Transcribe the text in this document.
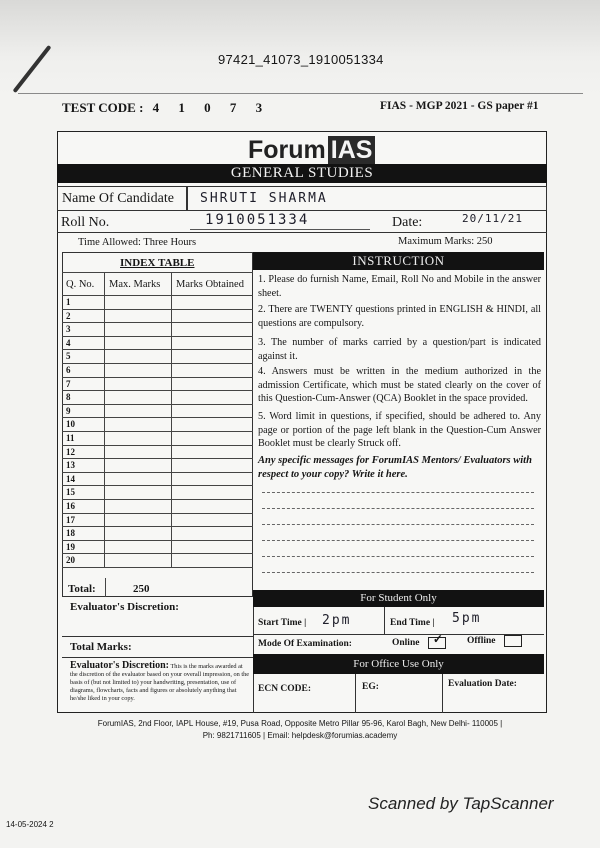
97421_41073_1910051334
TEST CODE : 4 1 0 7 3	FIAS - MGP 2021 - GS paper #1
Forum IAS
GENERAL STUDIES
Name Of Candidate	SHRUTI SHARMA
Roll No.	1910051334	Date:	20/11/21
Time Allowed: Three Hours	Maximum Marks: 250
INDEX TABLE
Q. No.	Max. Marks	Marks Obtained
1
2
3
4
5
6
7
8
9
10
11
12
13
14
15
16
17
18
19
20
Total:	250
INSTRUCTION
1. Please do furnish Name, Email, Roll No and Mobile in the answer sheet.
2. There are TWENTY questions printed in ENGLISH & HINDI, all questions are compulsory.
3. The number of marks carried by a question/part is indicated against it.
4. Answers must be written in the medium authorized in the admission Certificate, which must be stated clearly on the cover of this Question-Cum-Answer (QCA) Booklet in the space provided.
5. Word limit in questions, if specified, should be adhered to. Any page or portion of the page left blank in the Question-Cum Answer Booklet must be clearly Struck off.
Any specific messages for ForumIAS Mentors/ Evaluators with respect to your copy? Write it here.
Evaluator's Discretion:
Total Marks:
Evaluator's Discretion: This is the marks awarded at the discretion of the evaluator based on your overall impression, on the basis of (but not limited to) your handwriting, presentation, use of diagrams, flowcharts, facts and figures or absolutely anything that he/she liked in your copy.
For Student Only
Start Time | 2pm	End Time | 5pm
Mode Of Examination:	Online ✓	Offline
For Office Use Only
ECN CODE:	EG:	Evaluation Date:
ForumIAS, 2nd Floor, IAPL House, #19, Pusa Road, Opposite Metro Pillar 95-96, Karol Bagh, New Delhi- 110005 |
Ph: 9821711605 | Email: helpdesk@forumias.academy
Scanned by TapScanner
14-05-2024 2
